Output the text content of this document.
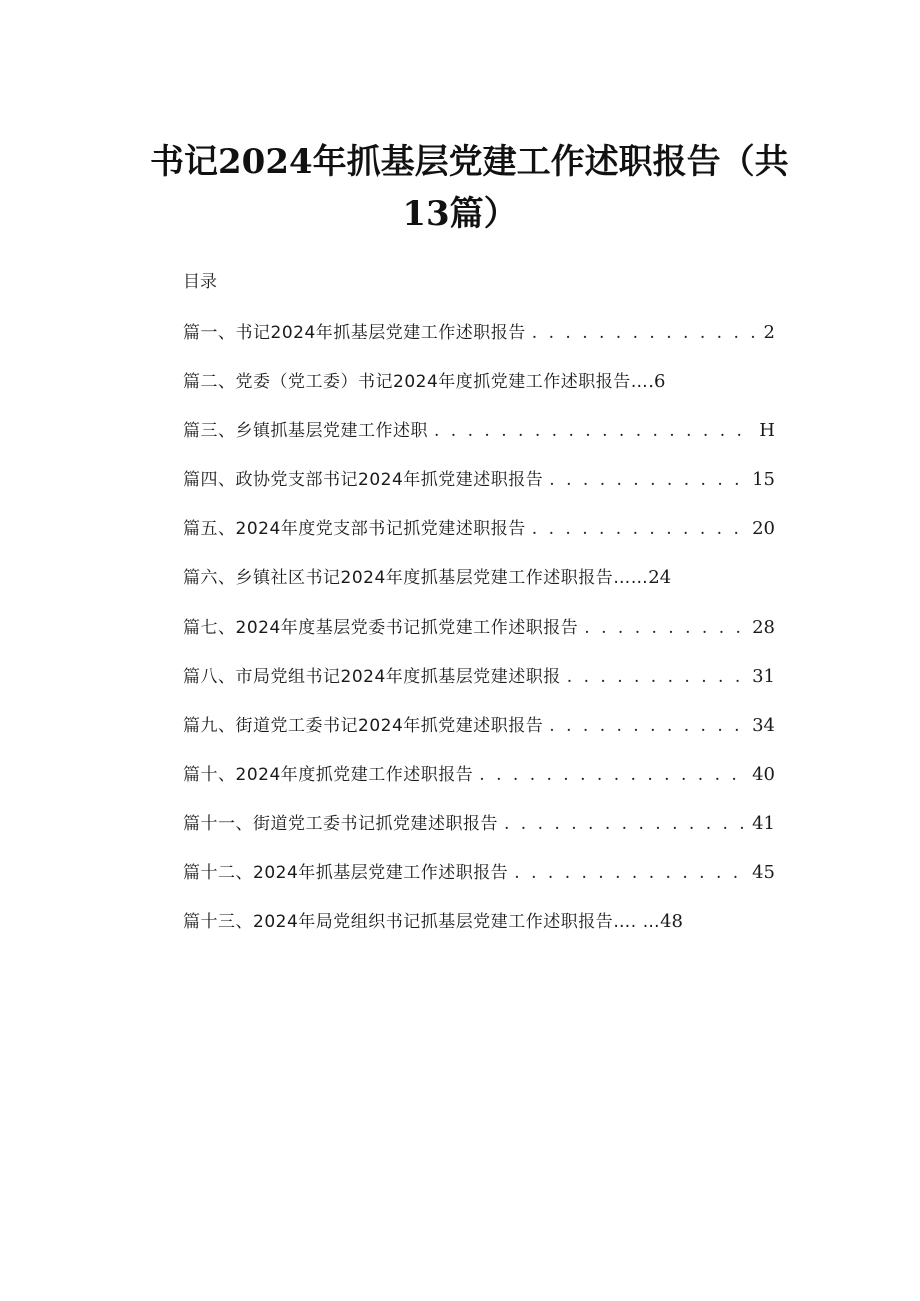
书记2024年抓基层党建工作述职报告（共
13篇）
目录
篇一、书记2024年抓基层党建工作述职报告 . . .	2
篇二、党委（党工委）书记2024年度抓党建工作述职报告… .6
篇三、乡镇抓基层党建工作述职 . . .	H
篇四、政协党支部书记2024年抓党建述职报告 . . .	15
篇五、2024年度党支部书记抓党建述职报告 . . .	20
篇六、乡镇社区书记2024年度抓基层党建工作述职报告…… 24
篇七、2024年度基层党委书记抓党建工作述职报告 . . .	28
篇八、市局党组书记2024年度抓基层党建述职报 . . .	31
篇九、街道党工委书记2024年抓党建述职报告 . . .	34
篇十、2024年度抓党建工作述职报告 . . .	40
篇十一、街道党工委书记抓党建述职报告 . . .	41
篇十二、2024年抓基层党建工作述职报告 . . .	45
篇十三、2024年局党组织书记抓基层党建工作述职报告…. … 48
